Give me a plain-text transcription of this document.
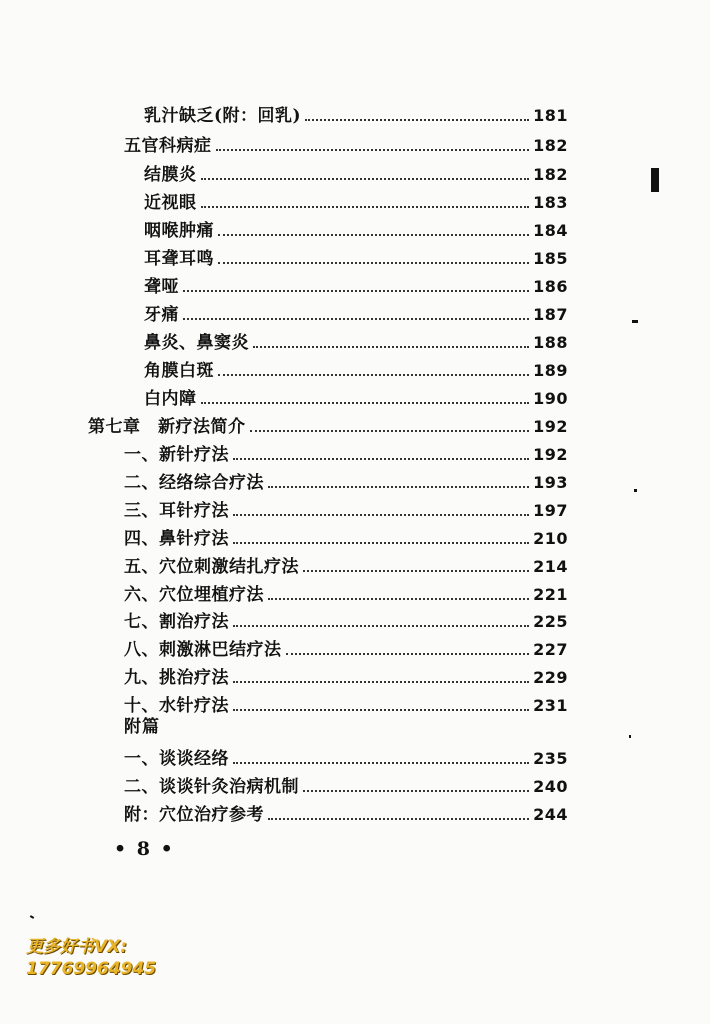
乳汁缺乏(附：回乳)	181
五官科病症	182
结膜炎	182
近视眼	183
咽喉肿痛	184
耳聋耳鸣	185
聋哑	186
牙痛	187
鼻炎、鼻窦炎	188
角膜白斑	189
白内障	190
第七章　新疗法简介	192
一、新针疗法	192
二、经络综合疗法	193
三、耳针疗法	197
四、鼻针疗法	210
五、穴位刺激结扎疗法	214
六、穴位埋植疗法	221
七、割治疗法	225
八、刺激淋巴结疗法	227
九、挑治疗法	229
十、水针疗法	231
附篇
一、谈谈经络	235
二、谈谈针灸治病机制	240
附：穴位治疗参考	244
• 8 •
更多好书VX:
17769964945
